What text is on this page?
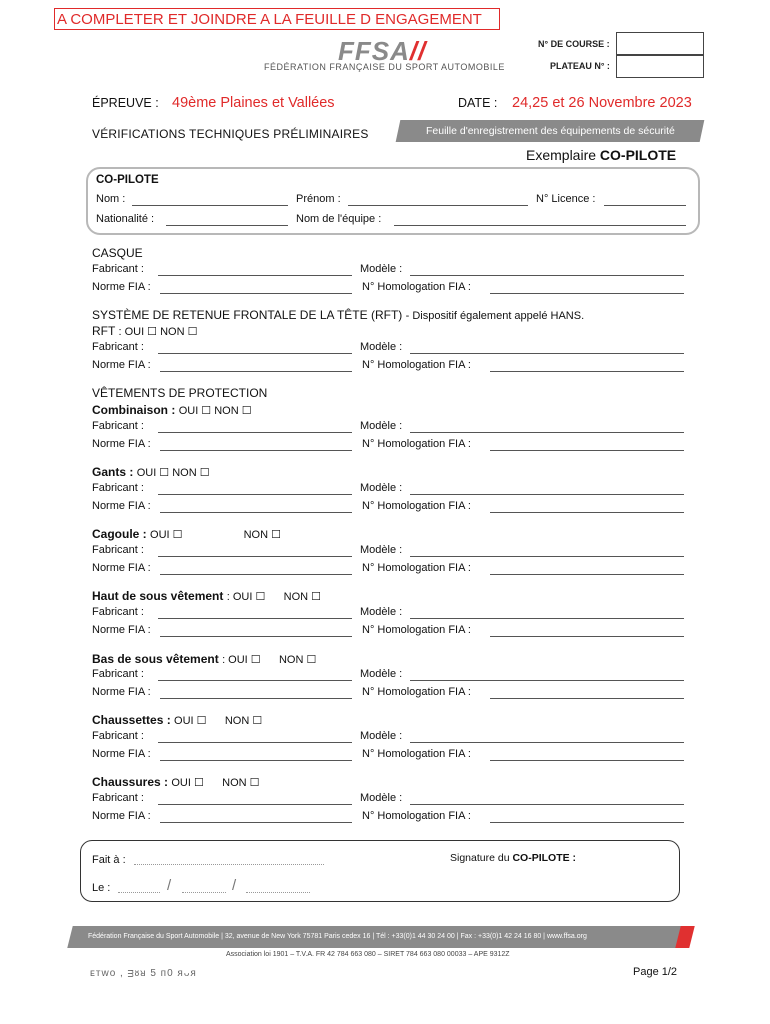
A COMPLETER ET JOINDRE A LA FEUILLE D ENGAGEMENT
FFSA//
FÉDÉRATION FRANÇAISE DU SPORT AUTOMOBILE
N° DE COURSE :
PLATEAU N° :
ÉPREUVE : 49ème Plaines et Vallées	DATE : 24,25 et 26 Novembre 2023
VÉRIFICATIONS TECHNIQUES PRÉLIMINAIRES	Feuille d'enregistrement des équipements de sécurité
Exemplaire CO-PILOTE
CO-PILOTE
Nom :	Prénom :	N° Licence :
Nationalité :	Nom de l'équipe :
CASQUE
Fabricant :	Modèle :
Norme FIA :	N° Homologation FIA :
SYSTÈME DE RETENUE FRONTALE DE LA TÊTE (RFT) - Dispositif également appelé HANS.
RFT : OUI ☐ NON ☐
Fabricant :	Modèle :
Norme FIA :	N° Homologation FIA :
VÊTEMENTS DE PROTECTION
Combinaison : OUI ☐ NON ☐
Fabricant :	Modèle :
Norme FIA :	N° Homologation FIA :
Gants : OUI ☐ NON ☐
Fabricant :	Modèle :
Norme FIA :	N° Homologation FIA :
Cagoule : OUI ☐                    NON ☐
Fabricant :	Modèle :
Norme FIA :	N° Homologation FIA :
Haut de sous vêtement : OUI ☐      NON ☐
Fabricant :	Modèle :
Norme FIA :	N° Homologation FIA :
Bas de sous vêtement : OUI ☐      NON ☐
Fabricant :	Modèle :
Norme FIA :	N° Homologation FIA :
Chaussettes : OUI ☐      NON ☐
Fabricant :	Modèle :
Norme FIA :	N° Homologation FIA :
Chaussures : OUI ☐      NON ☐
Fabricant :	Modèle :
Norme FIA :	N° Homologation FIA :
Fait à :
Le :	/	/
Signature du CO-PILOTE :
Fédération Française du Sport Automobile | 32, avenue de New York 75781 Paris cedex 16 | Tél : +33(0)1 44 30 24 00 | Fax : +33(0)1 42 24 16 80 | www.ffsa.org
Association loi 1901 – T.V.A. FR 42 784 663 080 – SIRET 784 663 080 00033 – APE 9312Z
ᴇᴛᴡᴏ , ᴟᴕᴚ 5 ᴨ0 ᴙᴗᴙ	Page 1/2
